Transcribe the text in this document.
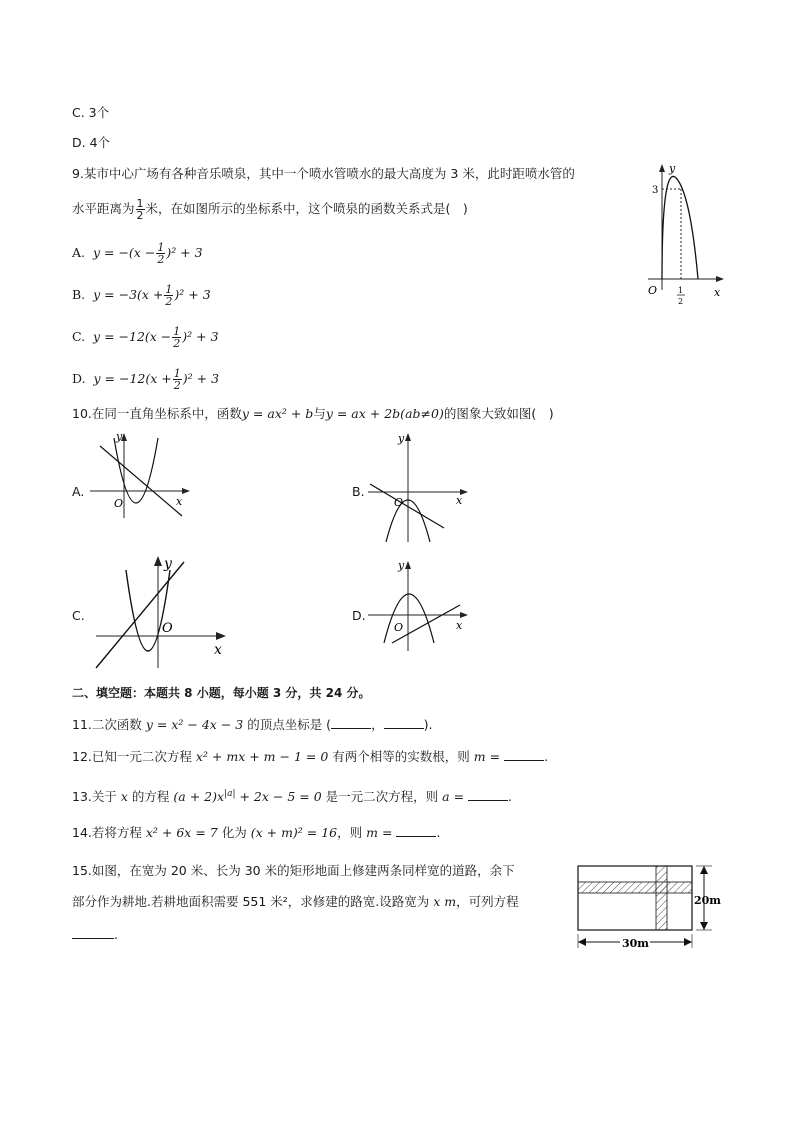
C. 3个
D. 4个
9.某市中心广场有各种音乐喷泉，其中一个喷水管喷水的最大高度为 3 米，此时距喷水管的
水平距离为 $\frac{1}{2}$ 米，在如图所示的坐标系中，这个喷泉的函数关系式是(　)
A. $y = -(x - \frac{1}{2} )^2 + 3$
B. $y = -3(x + \frac{1}{2} )^2 + 3$
C. $y = -12(x - \frac{1}{2} )^2 + 3$
D. $y = -12(x + \frac{1}{2} )^2 + 3$
y
x
O
3
1
2
10.在同一直角坐标系中，函数y = ax² + b与y = ax + 2b(ab≠0)的图象大致如图(　)
A.
y
x
O
B.
y
x
O
C.
y
x
O
D.
y
x
O
二、填空题：本题共 8 小题，每小题 3 分，共 24 分。
11.二次函数 y = x² − 4x − 3 的顶点坐标是 (	，	).
12.已知一元二次方程 x² + mx + m − 1 = 0 有两个相等的实数根，则 m =	.
13.关于 x 的方程 $(a + 2)x^{|a|} + 2x - 5 = 0$ 是一元二次方程，则 a =	.
14.若将方程 x² + 6x = 7 化为 (x + m)² = 16，则 m =	.
15.如图，在宽为 20 米、长为 30 米的矩形地面上修建两条同样宽的道路，余下
部分作为耕地.若耕地面积需要 551 米²，求修建的路宽.设路宽为 x m，可列方程
.
20m
30m
